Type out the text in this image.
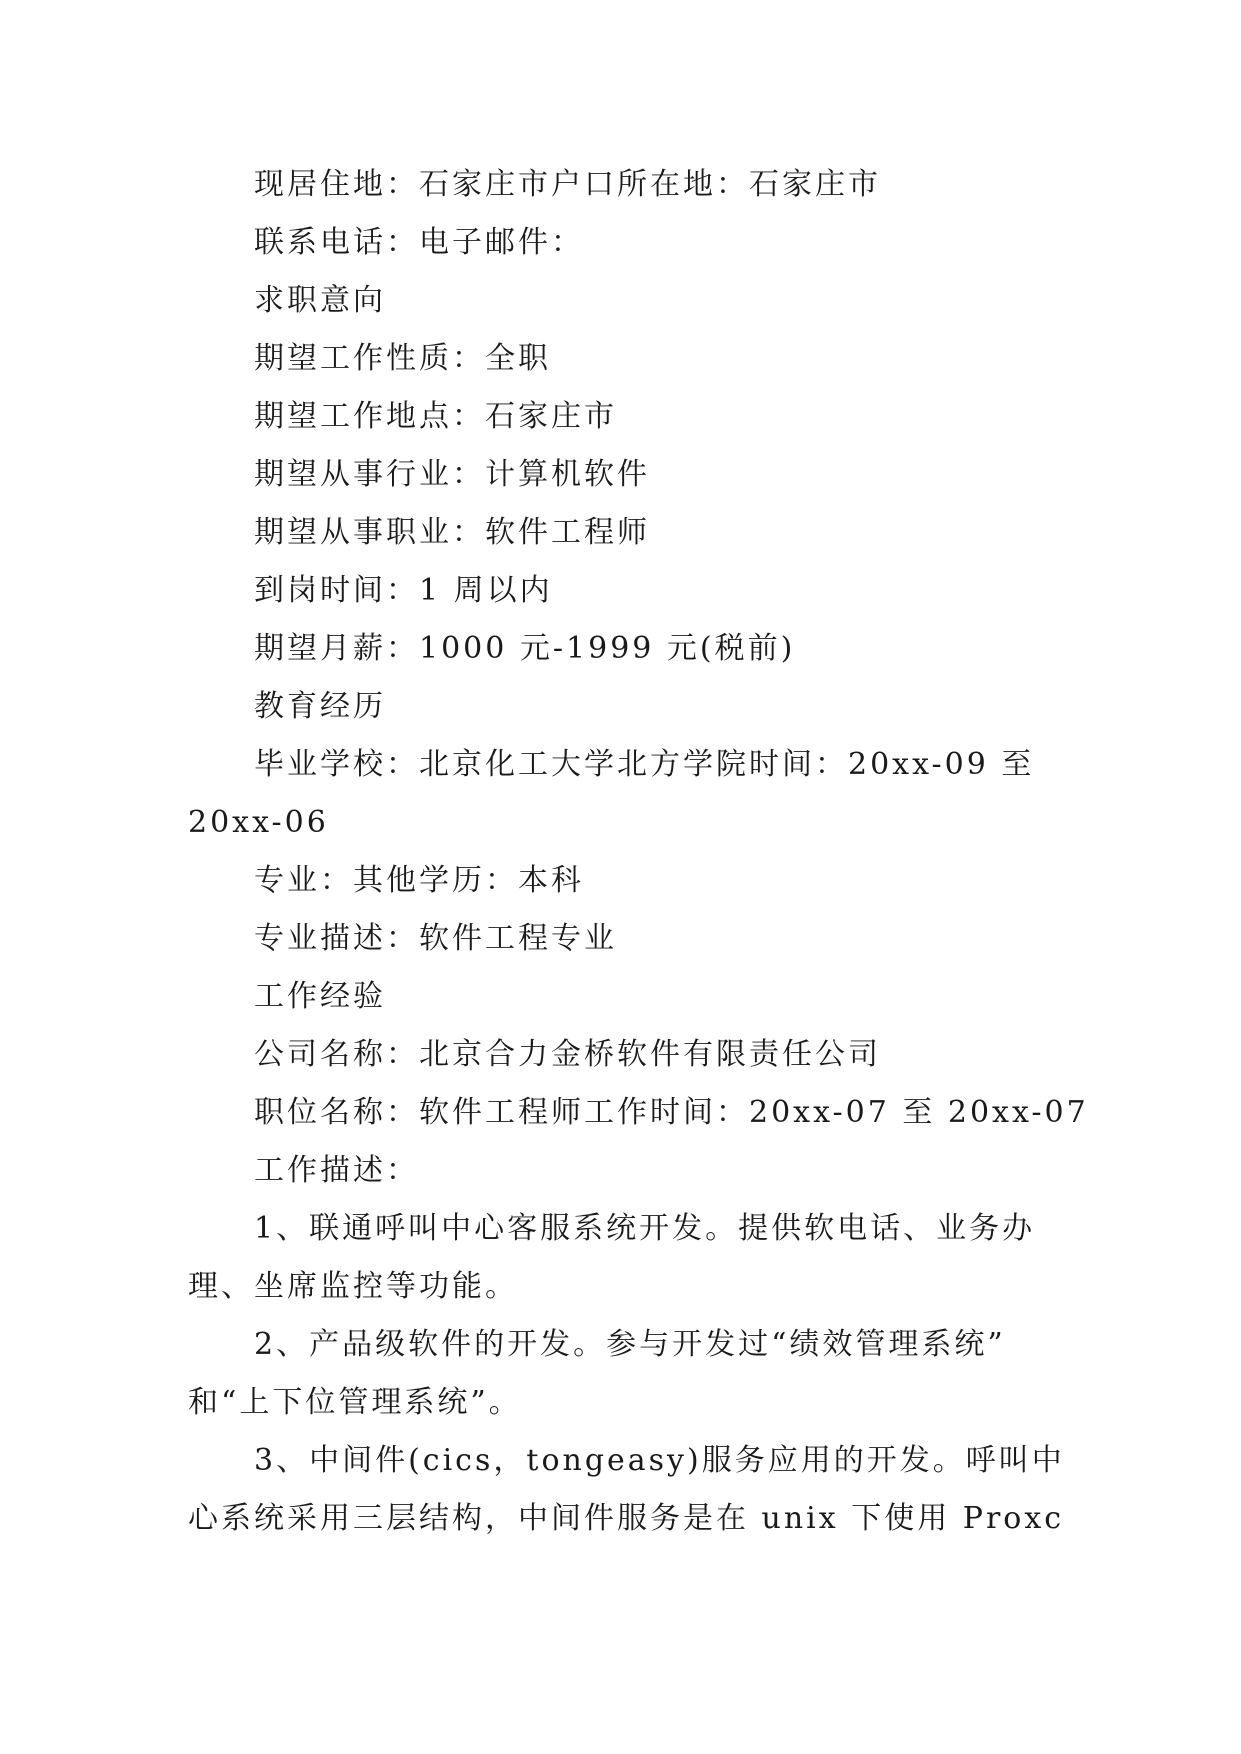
现居住地：石家庄市户口所在地：石家庄市
联系电话：电子邮件：
求职意向
期望工作性质：全职
期望工作地点：石家庄市
期望从事行业：计算机软件
期望从事职业：软件工程师
到岗时间：1 周以内
期望月薪：1000 元-1999 元(税前)
教育经历
毕业学校：北京化工大学北方学院时间：20xx-09 至
20xx-06
专业：其他学历：本科
专业描述：软件工程专业
工作经验
公司名称：北京合力金桥软件有限责任公司
职位名称：软件工程师工作时间：20xx-07 至 20xx-07
工作描述：
1、联通呼叫中心客服系统开发。提供软电话、业务办
理、坐席监控等功能。
2、产品级软件的开发。参与开发过“绩效管理系统”
和“上下位管理系统”。
3、中间件(cics，tongeasy)服务应用的开发。呼叫中
心系统采用三层结构，中间件服务是在 unix 下使用 Proxc
